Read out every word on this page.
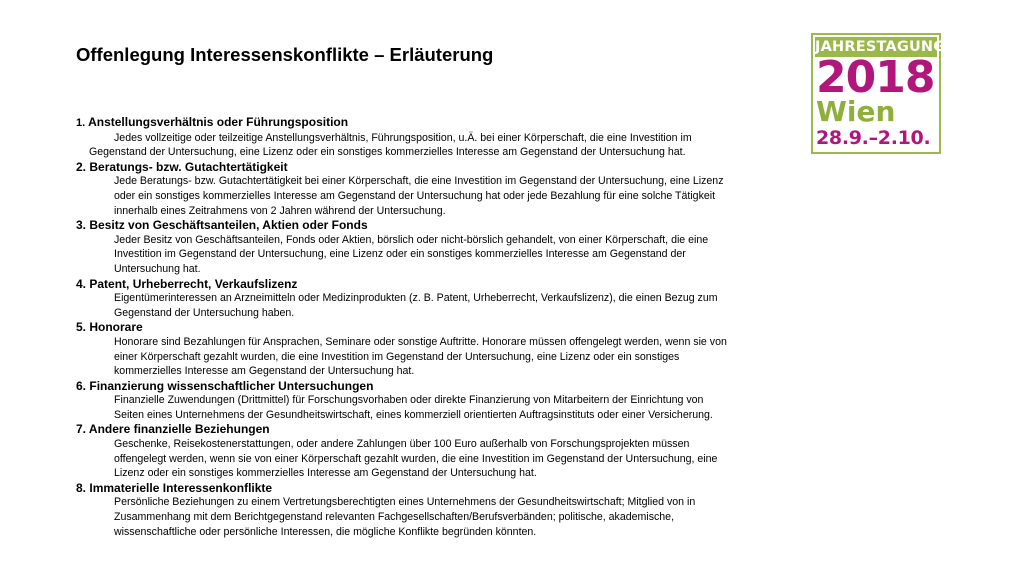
Offenlegung Interessenskonflikte – Erläuterung	JAHRESTAGUNG
2018
Wien
28.9.–2.10.

1. Anstellungsverhältnis oder Führungsposition

Jedes vollzeitige oder teilzeitige Anstellungsverhältnis, Führungsposition, u.Ä. bei einer Körperschaft, die eine Investition im
Gegenstand der Untersuchung, eine Lizenz oder ein sonstiges kommerzielles Interesse am Gegenstand der Untersuchung hat.

2. Beratungs- bzw. Gutachtertätigkeit

Jede Beratungs- bzw. Gutachtertätigkeit bei einer Körperschaft, die eine Investition im Gegenstand der Untersuchung, eine Lizenz
oder ein sonstiges kommerzielles Interesse am Gegenstand der Untersuchung hat oder jede Bezahlung für eine solche Tätigkeit
innerhalb eines Zeitrahmens von 2 Jahren während der Untersuchung.

3. Besitz von Geschäftsanteilen, Aktien oder Fonds

Jeder Besitz von Geschäftsanteilen, Fonds oder Aktien, börslich oder nicht-börslich gehandelt, von einer Körperschaft, die eine
Investition im Gegenstand der Untersuchung, eine Lizenz oder ein sonstiges kommerzielles Interesse am Gegenstand der
Untersuchung hat.

4. Patent, Urheberrecht, Verkaufslizenz

Eigentümerinteressen an Arzneimitteln oder Medizinprodukten (z. B. Patent, Urheberrecht, Verkaufslizenz), die einen Bezug zum
Gegenstand der Untersuchung haben.

5. Honorare

Honorare sind Bezahlungen für Ansprachen, Seminare oder sonstige Auftritte. Honorare müssen offengelegt werden, wenn sie von
einer Körperschaft gezahlt wurden, die eine Investition im Gegenstand der Untersuchung, eine Lizenz oder ein sonstiges
kommerzielles Interesse am Gegenstand der Untersuchung hat.

6. Finanzierung wissenschaftlicher Untersuchungen

Finanzielle Zuwendungen (Drittmittel) für Forschungsvorhaben oder direkte Finanzierung von Mitarbeitern der Einrichtung von
Seiten eines Unternehmens der Gesundheitswirtschaft, eines kommerziell orientierten Auftragsinstituts oder einer Versicherung.

7. Andere finanzielle Beziehungen

Geschenke, Reisekostenerstattungen, oder andere Zahlungen über 100 Euro außerhalb von Forschungsprojekten müssen
offengelegt werden, wenn sie von einer Körperschaft gezahlt wurden, die eine Investition im Gegenstand der Untersuchung, eine
Lizenz oder ein sonstiges kommerzielles Interesse am Gegenstand der Untersuchung hat.

8. Immaterielle Interessenkonflikte

Persönliche Beziehungen zu einem Vertretungsberechtigten eines Unternehmens der Gesundheitswirtschaft; Mitglied von in
Zusammenhang mit dem Berichtgegenstand relevanten Fachgesellschaften/Berufsverbänden; politische, akademische,
wissenschaftliche oder persönliche Interessen, die mögliche Konflikte begründen könnten.
